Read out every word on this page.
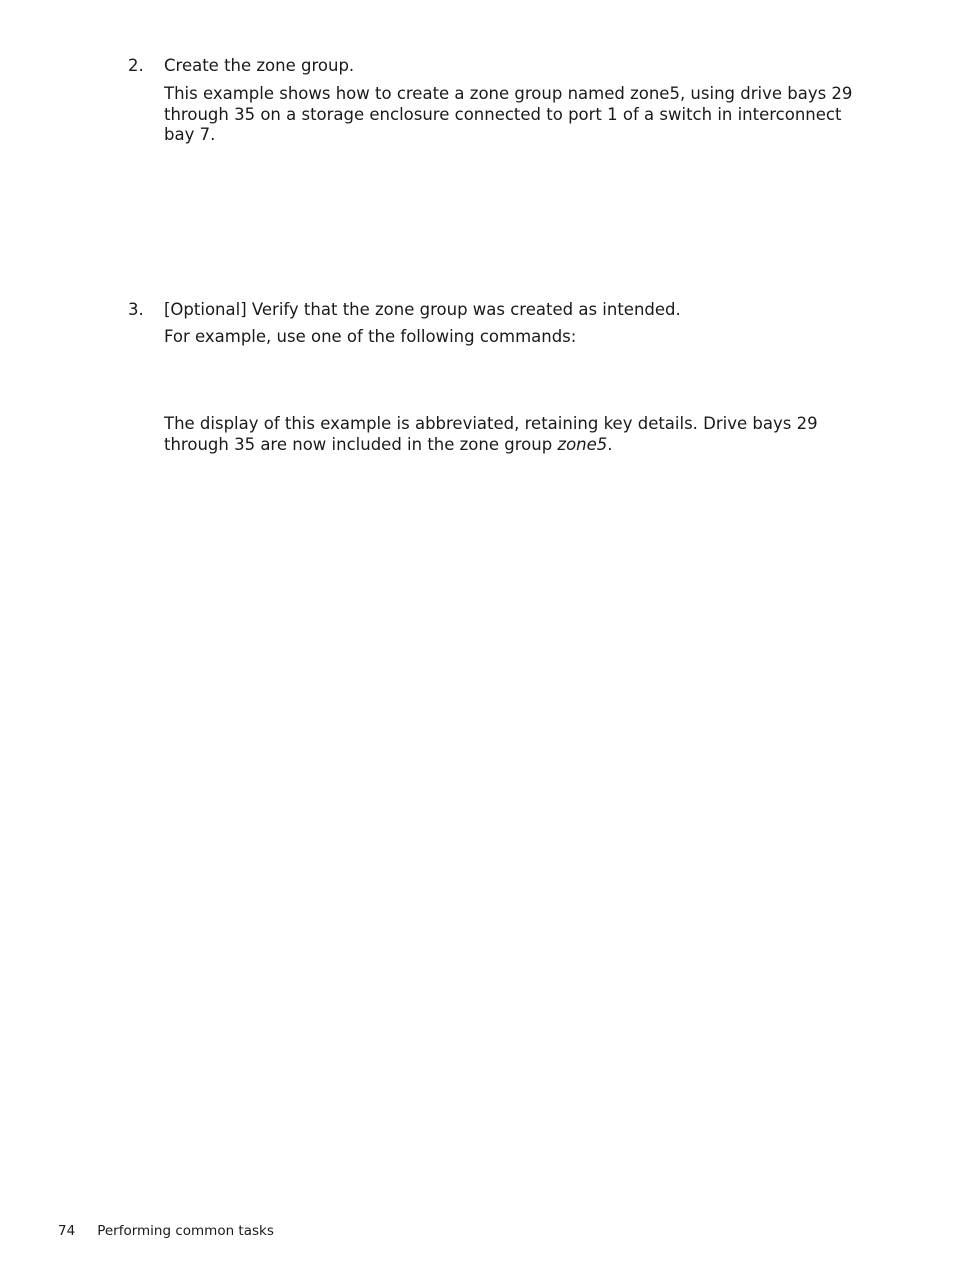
2. Create the zone group.

This example shows how to create a zone group named zone5, using drive bays 29 through 35 on a storage enclosure connected to port 1 of a switch in interconnect bay 7.

3. [Optional] Verify that the zone group was created as intended.

For example, use one of the following commands:

The display of this example is abbreviated, retaining key details. Drive bays 29 through 35 are now included in the zone group zone5.

74 Performing common tasks
